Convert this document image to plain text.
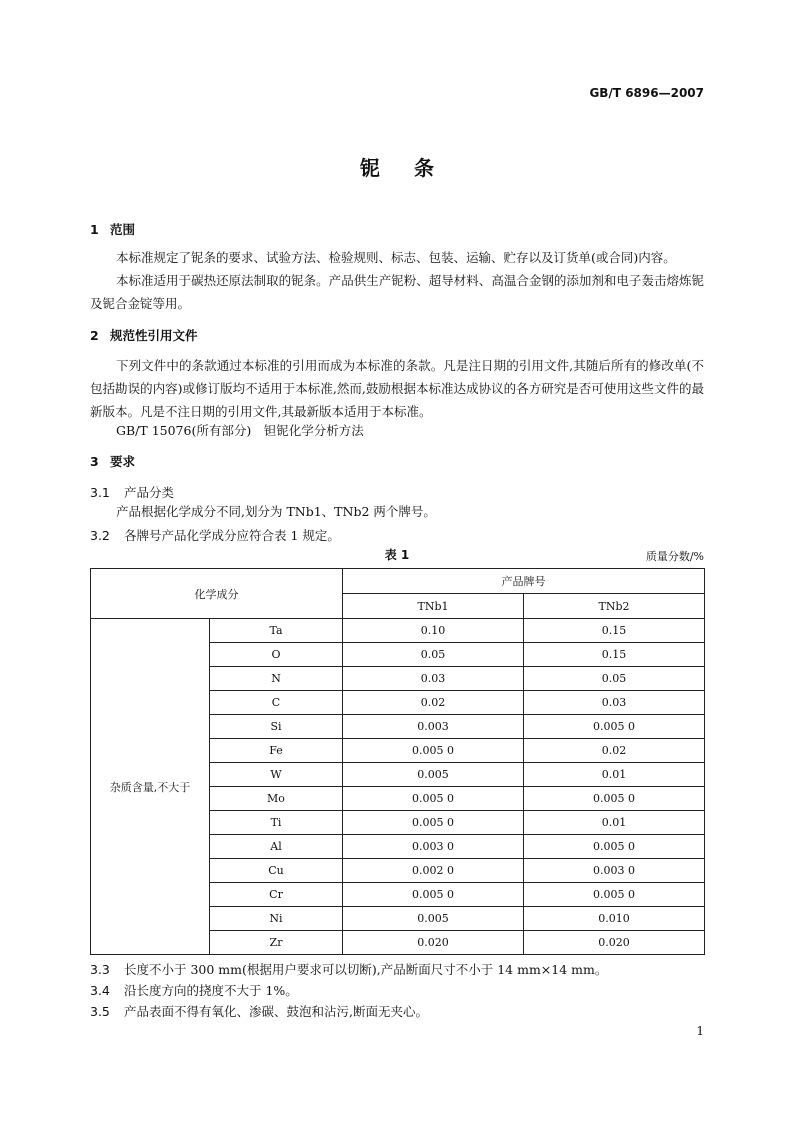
GB/T 6896—2007
铌条
1 范围
本标准规定了铌条的要求、试验方法、检验规则、标志、包装、运输、贮存以及订货单(或合同)内容。
本标准适用于碳热还原法制取的铌条。产品供生产铌粉、超导材料、高温合金钢的添加剂和电子轰击熔炼铌及铌合金锭等用。
2 规范性引用文件
下列文件中的条款通过本标准的引用而成为本标准的条款。凡是注日期的引用文件,其随后所有的修改单(不包括勘误的内容)或修订版均不适用于本标准,然而,鼓励根据本标准达成协议的各方研究是否可使用这些文件的最新版本。凡是不注日期的引用文件,其最新版本适用于本标准。
GB/T 15076(所有部分)　钽铌化学分析方法
3 要求
3.1 产品分类
产品根据化学成分不同,划分为 TNb1、TNb2 两个牌号。
3.2 各牌号产品化学成分应符合表 1 规定。
表 1	质量分数/%
化学成分		产品牌号	
		TNb1	TNb2
杂质含量,不大于	Ta	0.10	0.15
	O	0.05	0.15
	N	0.03	0.05
	C	0.02	0.03
	Si	0.003	0.005 0
	Fe	0.005 0	0.02
	W	0.005	0.01
	Mo	0.005 0	0.005 0
	Ti	0.005 0	0.01
	Al	0.003 0	0.005 0
	Cu	0.002 0	0.003 0
	Cr	0.005 0	0.005 0
	Ni	0.005	0.010
	Zr	0.020	0.020
3.3 长度不小于 300 mm(根据用户要求可以切断),产品断面尺寸不小于 14 mm×14 mm。
3.4 沿长度方向的挠度不大于 1%。
3.5 产品表面不得有氧化、渗碳、鼓泡和沾污,断面无夹心。
1
